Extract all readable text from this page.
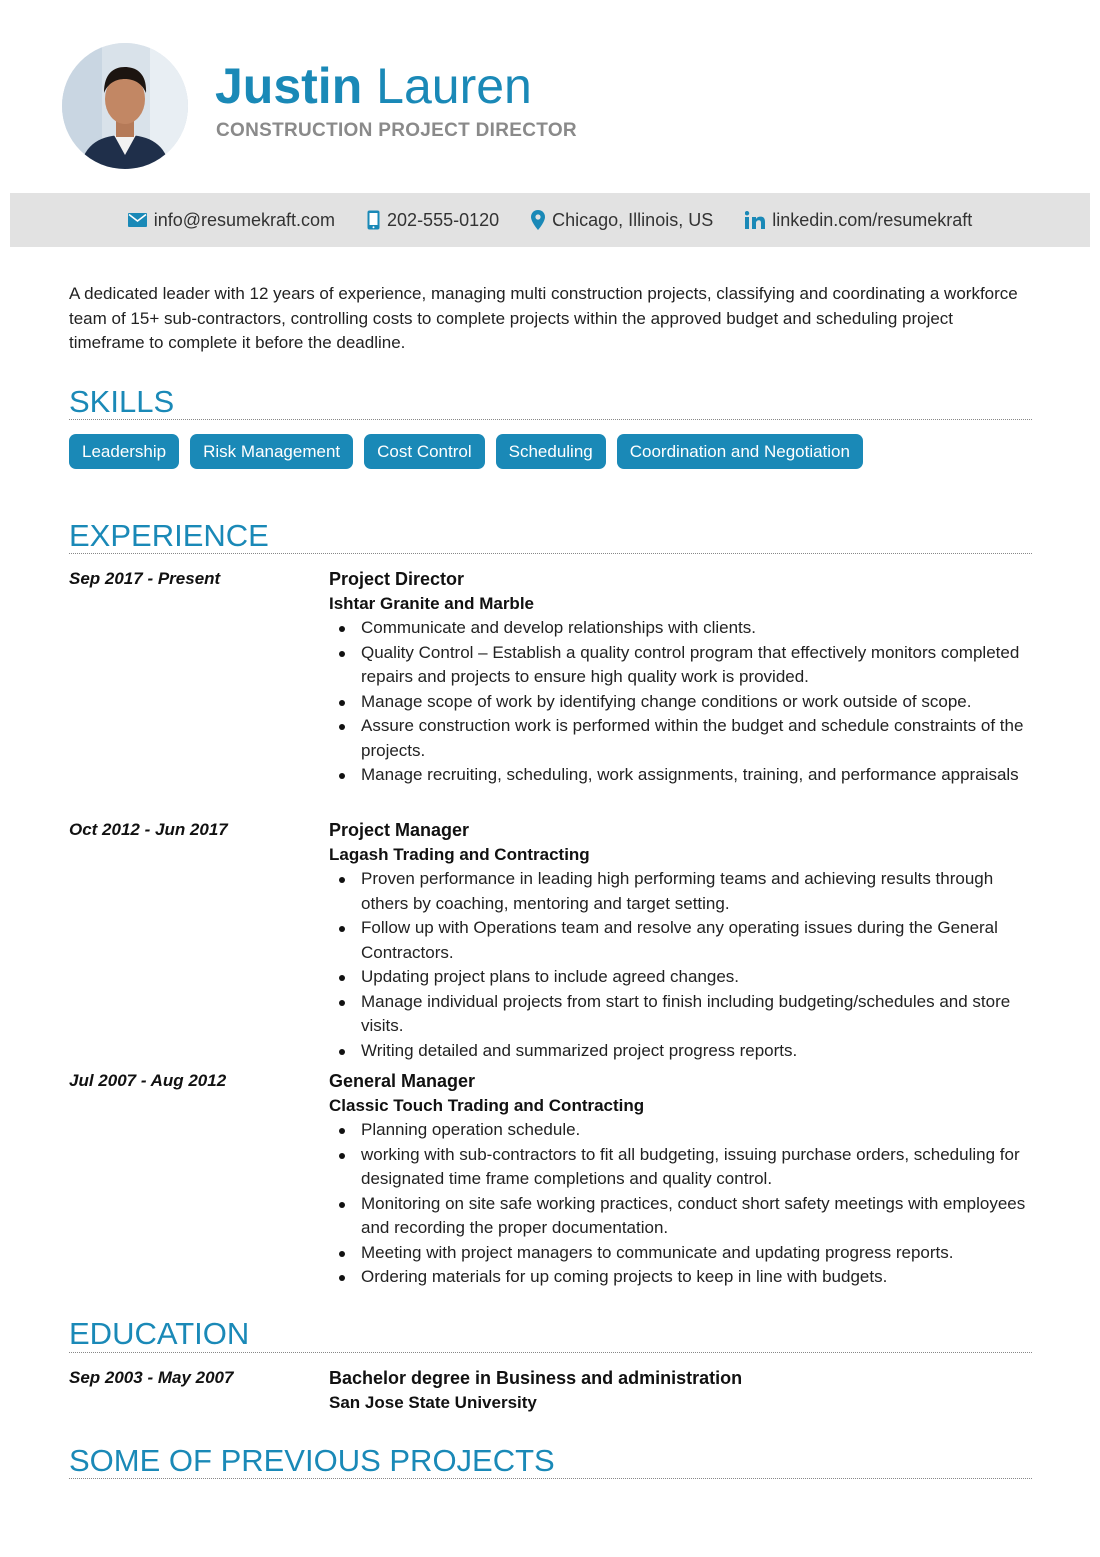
Justin Lauren
CONSTRUCTION PROJECT DIRECTOR
info@resumekraft.com	202-555-0120	Chicago, Illinois, US	linkedin.com/resumekraft
A dedicated leader with 12 years of experience, managing multi construction projects, classifying and coordinating a workforce team of 15+ sub-contractors, controlling costs to complete projects within the approved budget and scheduling project timeframe to complete it before the deadline.
SKILLS
Leadership	Risk Management	Cost Control	Scheduling	Coordination and Negotiation
EXPERIENCE
Sep 2017 - Present	Project Director
Ishtar Granite and Marble
Communicate and develop relationships with clients.
Quality Control – Establish a quality control program that effectively monitors completed repairs and projects to ensure high quality work is provided.
Manage scope of work by identifying change conditions or work outside of scope.
Assure construction work is performed within the budget and schedule constraints of the projects.
Manage recruiting, scheduling, work assignments, training, and performance appraisals
Oct 2012 - Jun 2017	Project Manager
Lagash Trading and Contracting
Proven performance in leading high performing teams and achieving results through others by coaching, mentoring and target setting.
Follow up with Operations team and resolve any operating issues during the General Contractors.
Updating project plans to include agreed changes.
Manage individual projects from start to finish including budgeting/schedules and store visits.
Writing detailed and summarized project progress reports.
Jul 2007 - Aug 2012	General Manager
Classic Touch Trading and Contracting
Planning operation schedule.
working with sub-contractors to fit all budgeting, issuing purchase orders, scheduling for designated time frame completions and quality control.
Monitoring on site safe working practices, conduct short safety meetings with employees and recording the proper documentation.
Meeting with project managers to communicate and updating progress reports.
Ordering materials for up coming projects to keep in line with budgets.
EDUCATION
Sep 2003 - May 2007	Bachelor degree in Business and administration
San Jose State University
SOME OF PREVIOUS PROJECTS
